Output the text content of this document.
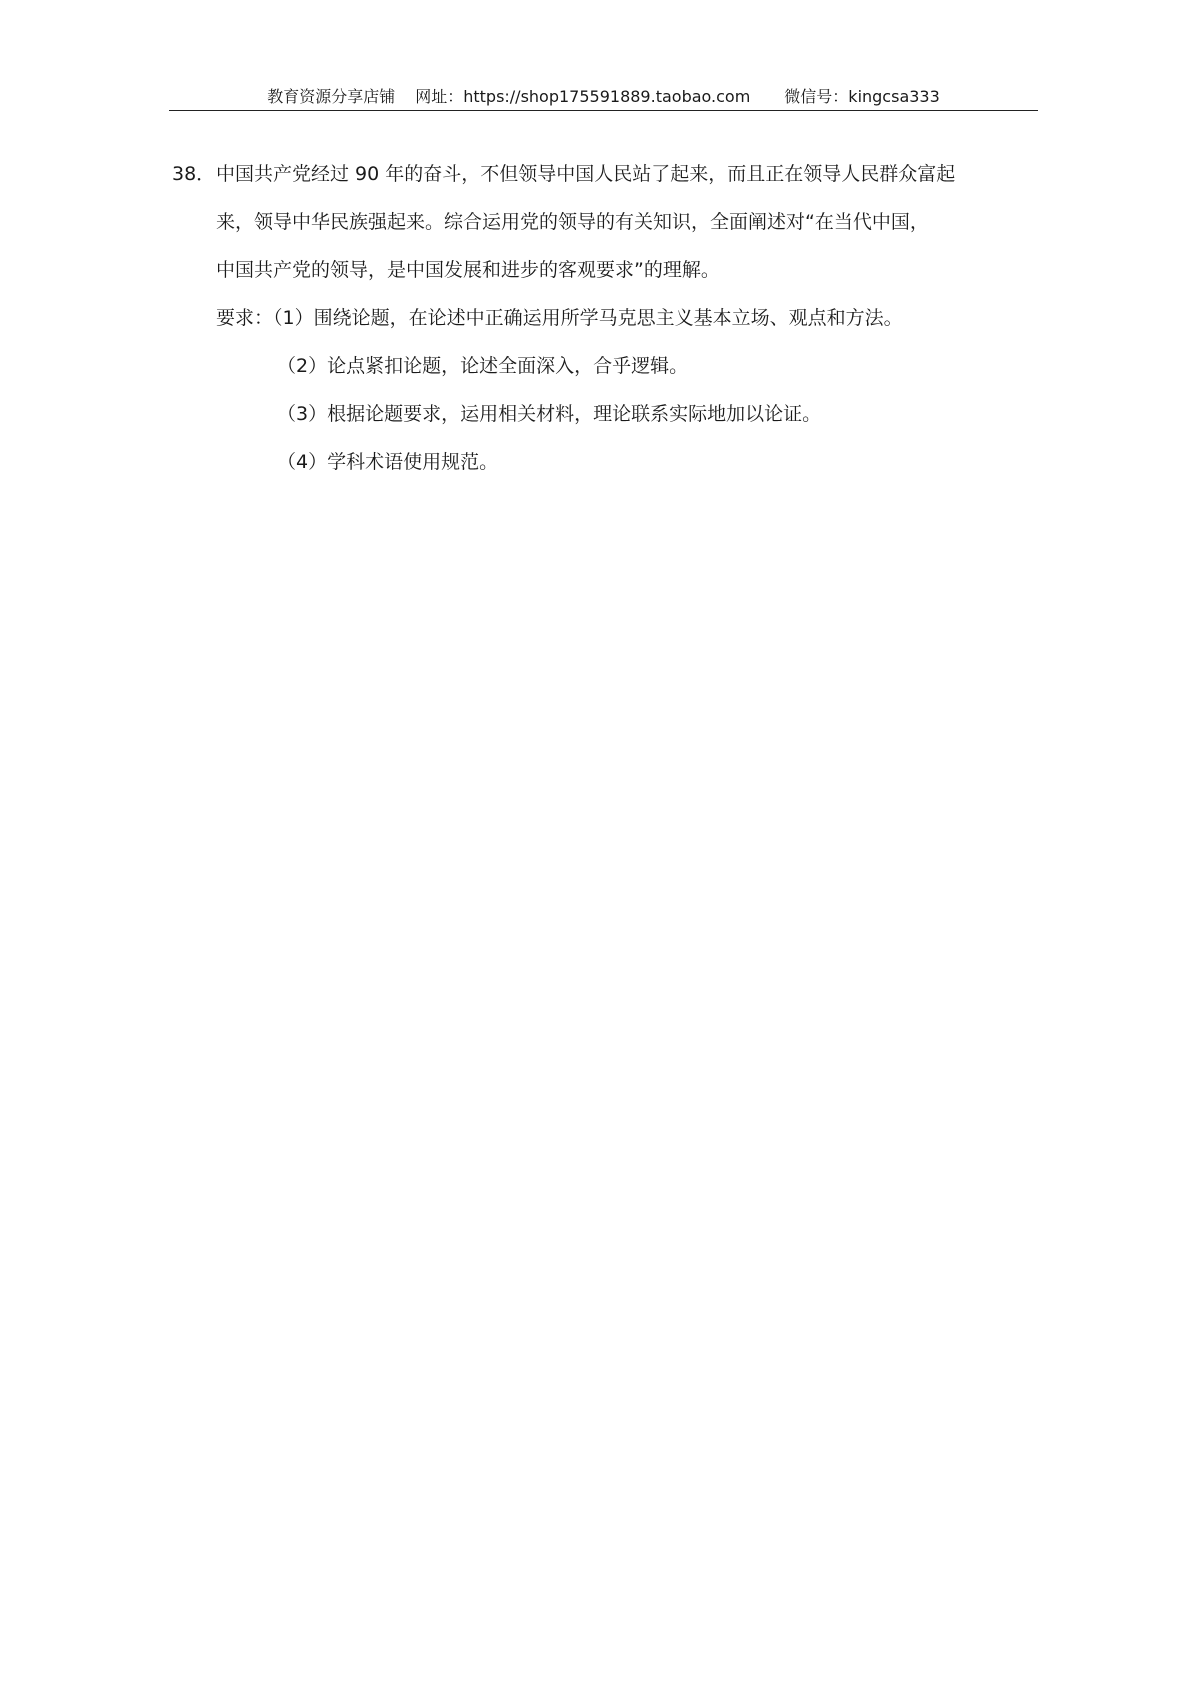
教育资源分享店铺 网址：https://shop175591889.taobao.com 微信号：kingcsa333
38．中国共产党经过 90 年的奋斗，不但领导中国人民站了起来，而且正在领导人民群众富起
来，领导中华民族强起来。综合运用党的领导的有关知识，全面阐述对“在当代中国，
中国共产党的领导，是中国发展和进步的客观要求”的理解。
要求：（1）围绕论题，在论述中正确运用所学马克思主义基本立场、观点和方法。
（2）论点紧扣论题，论述全面深入，合乎逻辑。
（3）根据论题要求，运用相关材料，理论联系实际地加以论证。
（4）学科术语使用规范。
